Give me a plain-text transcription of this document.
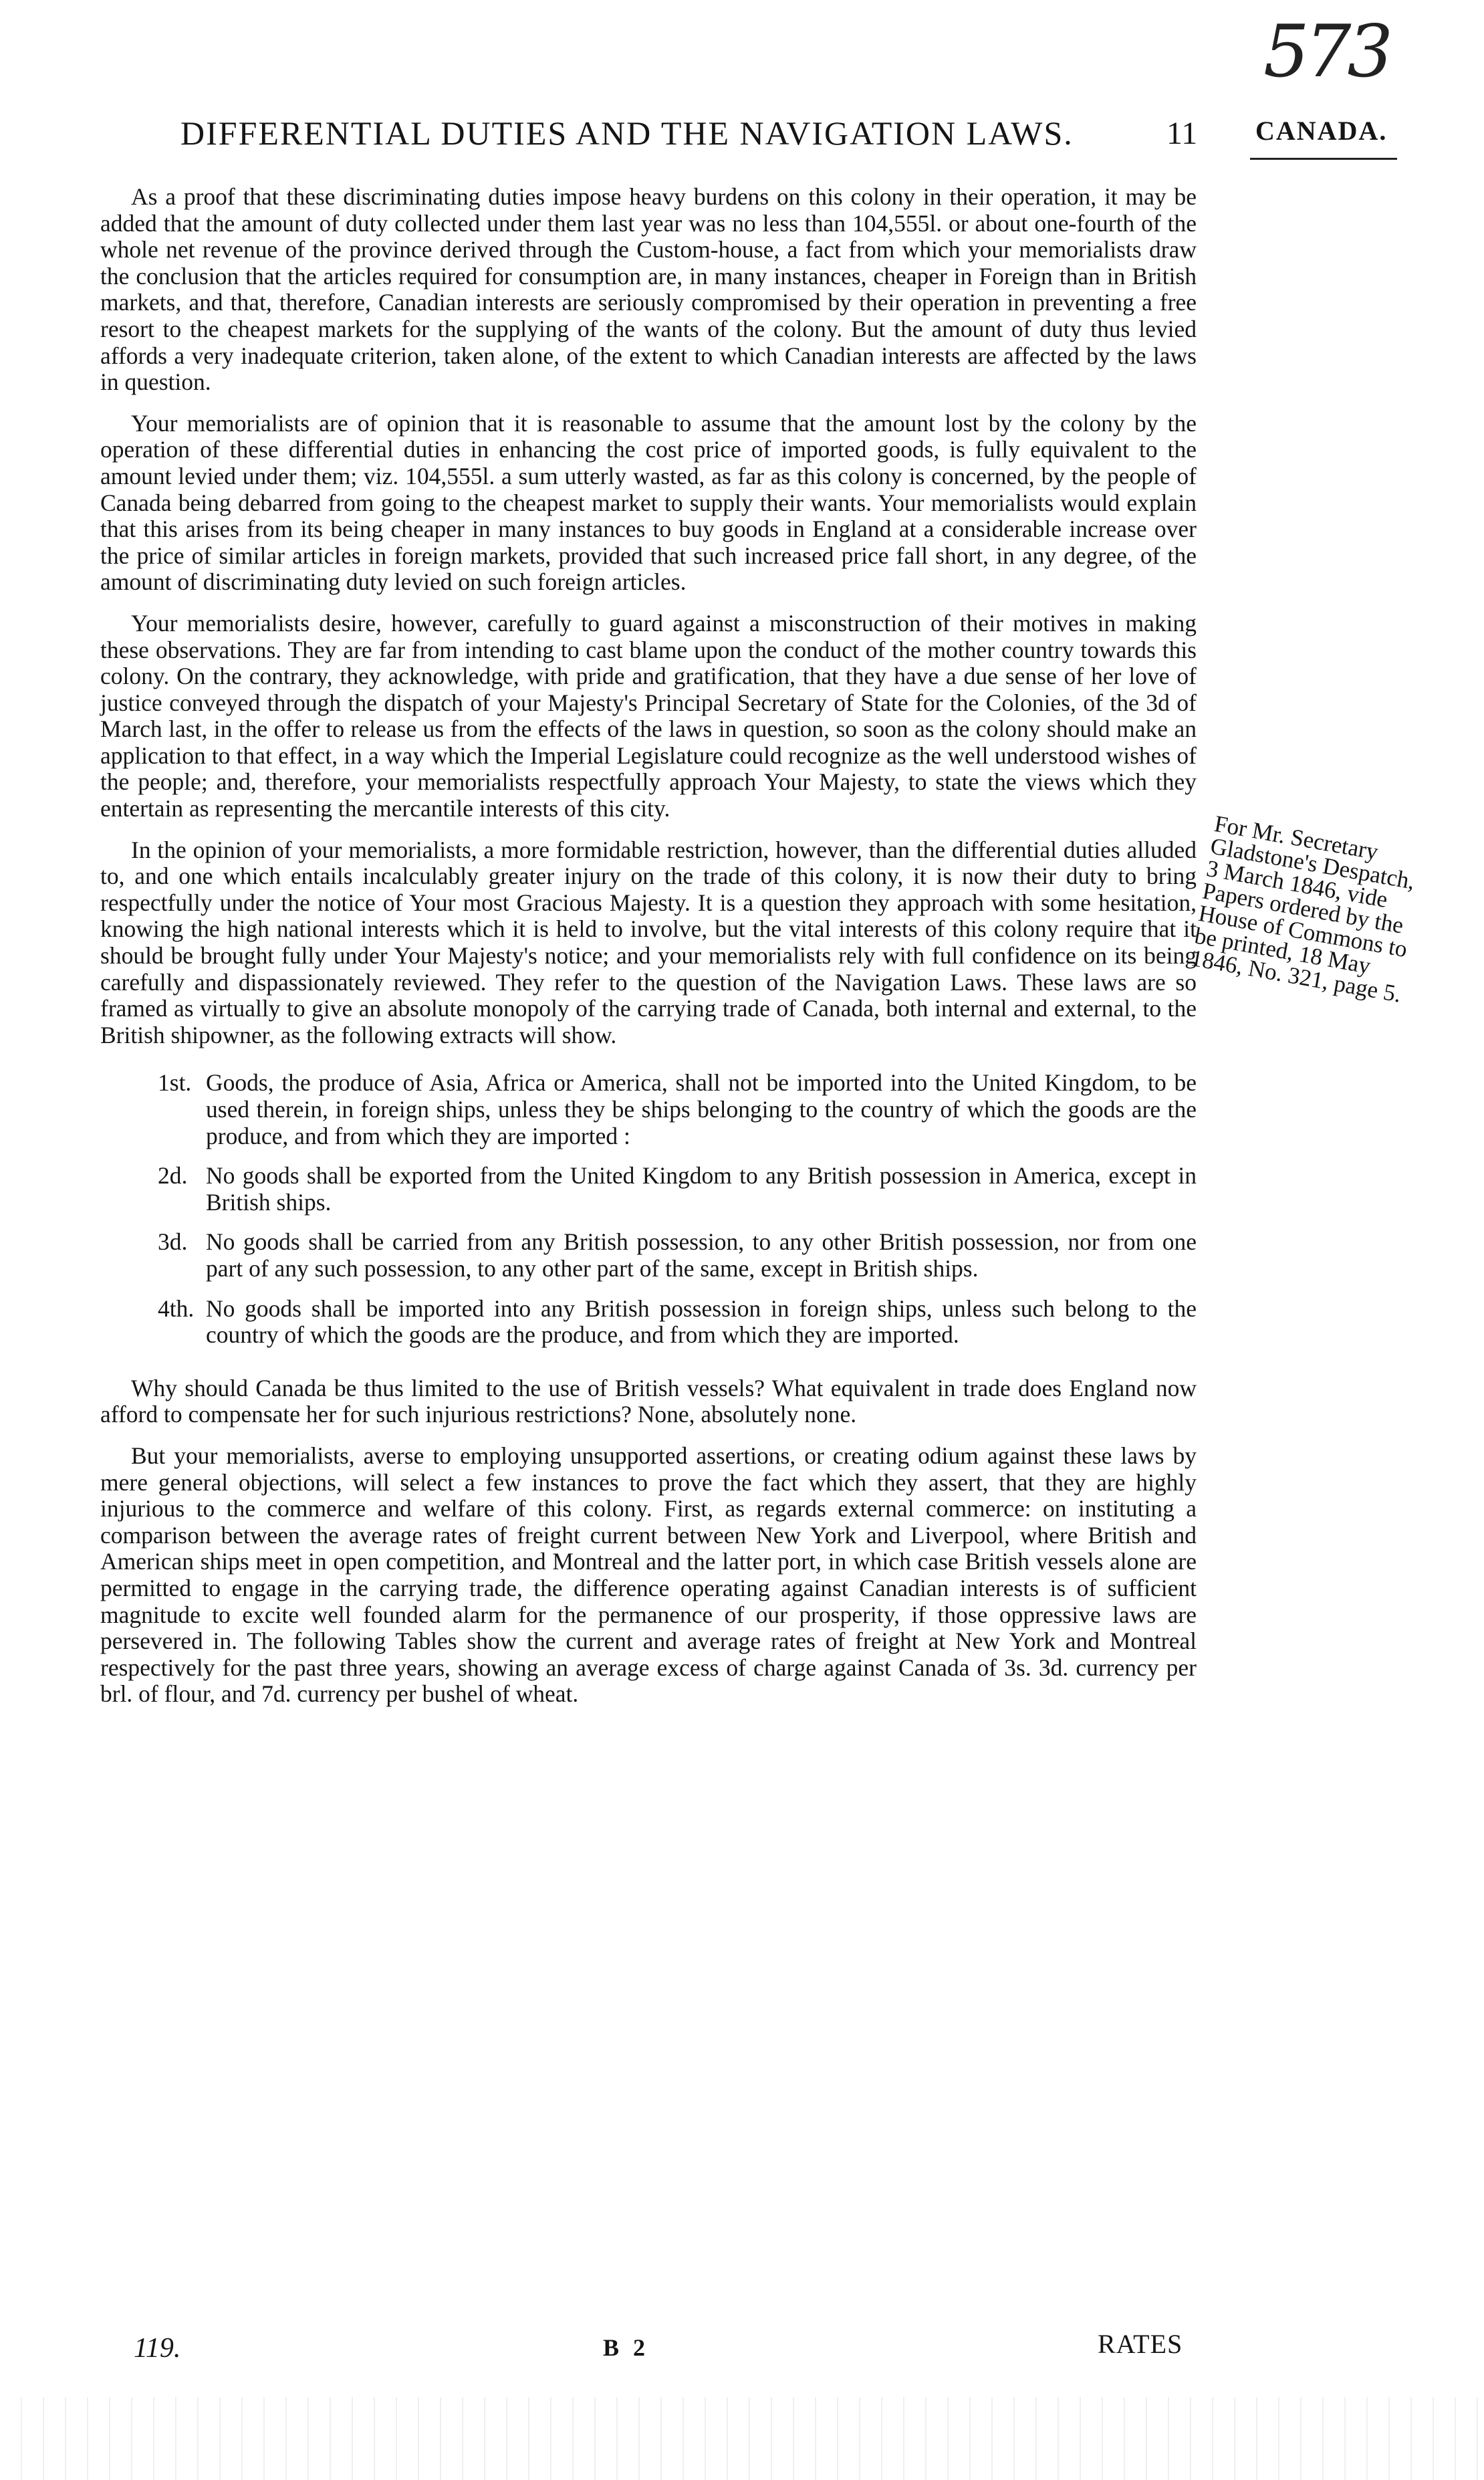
573
DIFFERENTIAL DUTIES AND THE NAVIGATION LAWS.	11 CANADA.

As a proof that these discriminating duties impose heavy burdens on this colony in their operation, it may be added that the amount of duty collected under them last year was no less than 104,555l. or about one-fourth of the whole net revenue of the province derived through the Custom-house, a fact from which your memorialists draw the conclusion that the articles required for consumption are, in many instances, cheaper in Foreign than in British markets, and that, therefore, Canadian interests are seriously compromised by their operation in preventing a free resort to the cheapest markets for the supplying of the wants of the colony. But the amount of duty thus levied affords a very inadequate criterion, taken alone, of the extent to which Canadian interests are affected by the laws in question.

Your memorialists are of opinion that it is reasonable to assume that the amount lost by the colony by the operation of these differential duties in enhancing the cost price of imported goods, is fully equivalent to the amount levied under them; viz. 104,555l. a sum utterly wasted, as far as this colony is concerned, by the people of Canada being debarred from going to the cheapest market to supply their wants. Your memorialists would explain that this arises from its being cheaper in many instances to buy goods in England at a considerable increase over the price of similar articles in foreign markets, provided that such increased price fall short, in any degree, of the amount of discriminating duty levied on such foreign articles.

Your memorialists desire, however, carefully to guard against a misconstruction of their motives in making these observations. They are far from intending to cast blame upon the conduct of the mother country towards this colony. On the contrary, they acknowledge, with pride and gratification, that they have a due sense of her love of justice conveyed through the dispatch of your Majesty's Principal Secretary of State for the Colonies, of the 3d of March last, in the offer to release us from the effects of the laws in question, so soon as the colony should make an application to that effect, in a way which the Imperial Legislature could recognize as the well understood wishes of the people; and, therefore, your memorialists respectfully approach Your Majesty, to state the views which they entertain as representing the mercantile interests of this city.

In the opinion of your memorialists, a more formidable restriction, however, than the differential duties alluded to, and one which entails incalculably greater injury on the trade of this colony, it is now their duty to bring respectfully under the notice of Your most Gracious Majesty. It is a question they approach with some hesitation, knowing the high national interests which it is held to involve, but the vital interests of this colony require that it should be brought fully under Your Majesty's notice; and your memorialists rely with full confidence on its being carefully and dispassionately reviewed. They refer to the question of the Navigation Laws. These laws are so framed as virtually to give an absolute monopoly of the carrying trade of Canada, both internal and external, to the British shipowner, as the following extracts will show.

1st. Goods, the produce of Asia, Africa or America, shall not be imported into the United Kingdom, to be used therein, in foreign ships, unless they be ships belonging to the country of which the goods are the produce, and from which they are imported :
2d. No goods shall be exported from the United Kingdom to any British possession in America, except in British ships.
3d. No goods shall be carried from any British possession, to any other British possession, nor from one part of any such possession, to any other part of the same, except in British ships.
4th. No goods shall be imported into any British possession in foreign ships, unless such belong to the country of which the goods are the produce, and from which they are imported.

Why should Canada be thus limited to the use of British vessels? What equivalent in trade does England now afford to compensate her for such injurious restrictions? None, absolutely none.

But your memorialists, averse to employing unsupported assertions, or creating odium against these laws by mere general objections, will select a few instances to prove the fact which they assert, that they are highly injurious to the commerce and welfare of this colony. First, as regards external commerce: on instituting a comparison between the average rates of freight current between New York and Liverpool, where British and American ships meet in open competition, and Montreal and the latter port, in which case British vessels alone are permitted to engage in the carrying trade, the difference operating against Canadian interests is of sufficient magnitude to excite well founded alarm for the permanence of our prosperity, if those oppressive laws are persevered in. The following Tables show the current and average rates of freight at New York and Montreal respectively for the past three years, showing an average excess of charge against Canada of 3s. 3d. currency per brl. of flour, and 7d. currency per bushel of wheat.

For Mr. Secretary Gladstone's Despatch, 3 March 1846, vide Papers ordered by the House of Commons to be printed, 18 May 1846, No. 321, page 5.
119.	B 2	RATES
